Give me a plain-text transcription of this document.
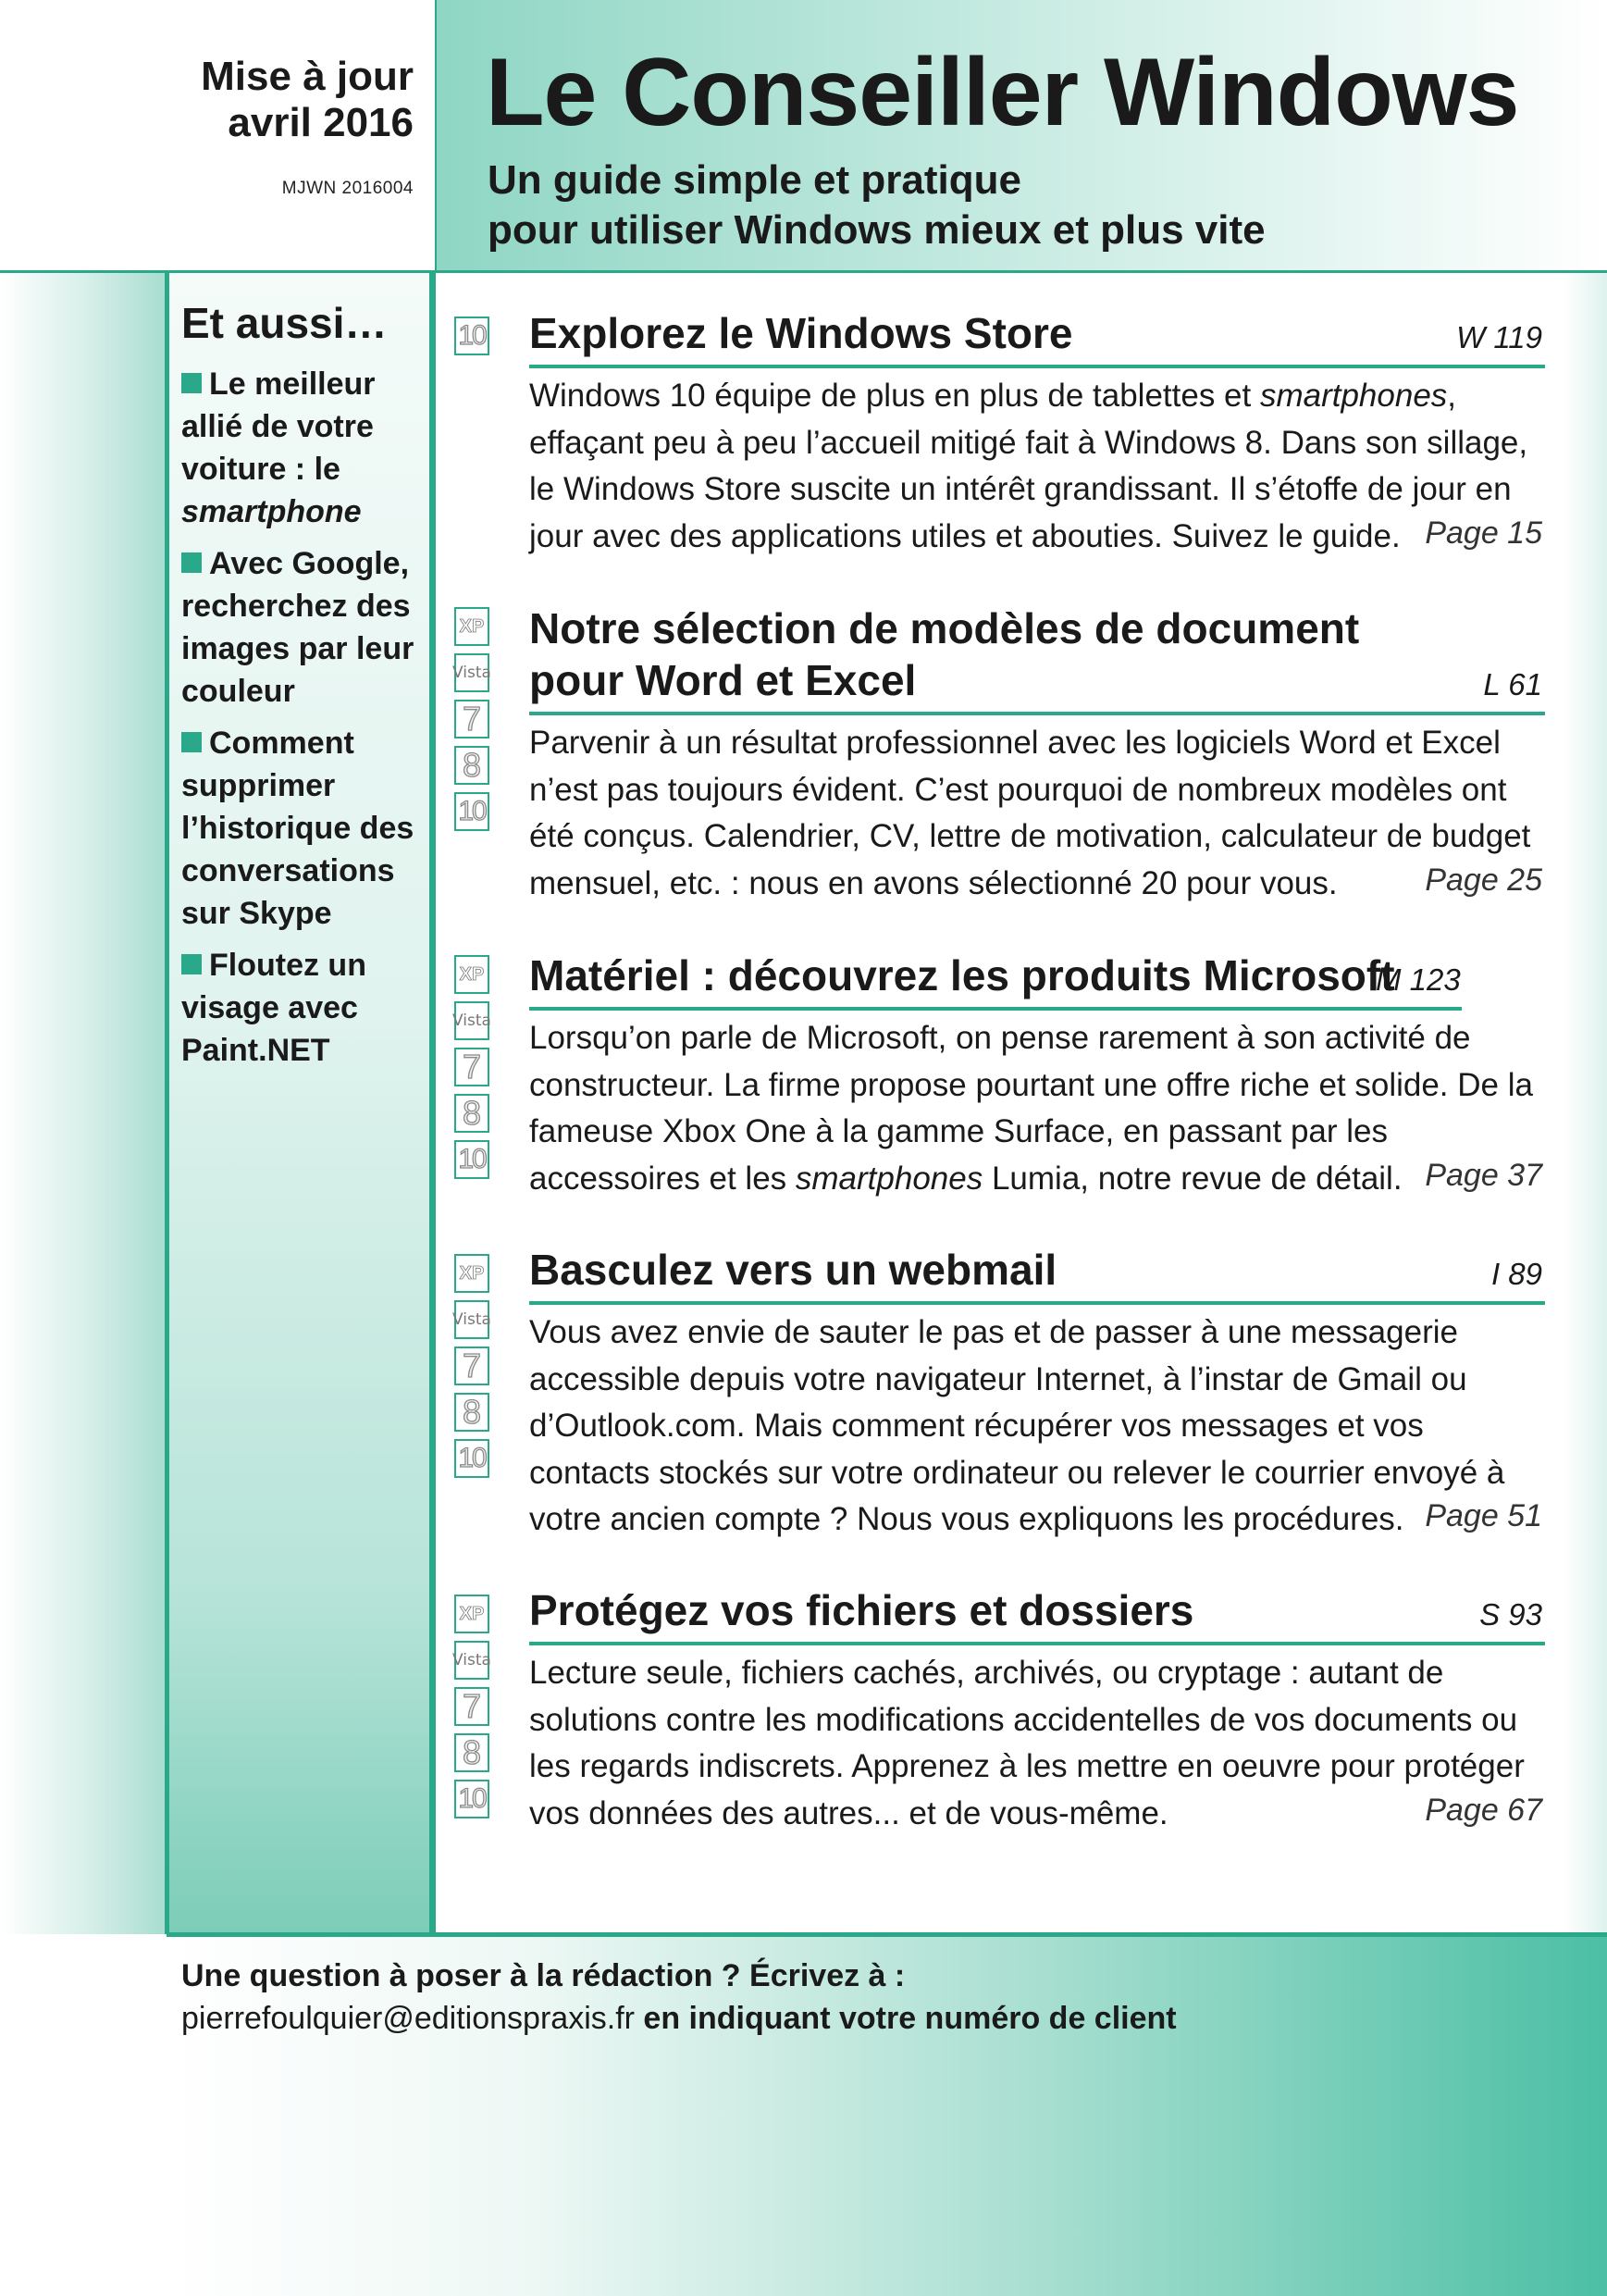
Mise à jour
avril 2016
MJWN 2016004
Le Conseiller Windows
Un guide simple et pratique
pour utiliser Windows mieux et plus vite
Et aussi…
Le meilleur allié de votre voiture : le smartphone
Avec Google, recherchez des images par leur couleur
Comment supprimer l’historique des conversations sur Skype
Floutez un visage avec Paint.NET
10 Explorez le Windows Store	W 119

Windows 10 équipe de plus en plus de tablettes et smartphones, effaçant peu à peu l’accueil mitigé fait à Windows 8. Dans son sillage, le Windows Store suscite un intérêt grandissant. Il s’étoffe de jour en jour avec des applications utiles et abouties. Suivez le guide. Page 15
XP
Vista
7
8
10
Notre sélection de modèles de document
pour Word et Excel	L 61

Parvenir à un résultat professionnel avec les logiciels Word et Excel n’est pas toujours évident. C’est pourquoi de nombreux modèles ont été conçus. Calendrier, CV, lettre de motivation, calculateur de budget mensuel, etc. : nous en avons sélectionné 20 pour vous.	Page 25
XP
Vista
7
8
10
Matériel : découvrez les produits Microsoft
M 123

Lorsqu’on parle de Microsoft, on pense rarement à son activité de constructeur. La firme propose pourtant une offre riche et solide. De la fameuse Xbox One à la gamme Surface, en passant par les accessoires et les smartphones Lumia, notre revue de détail. Page 37
XP
Vista
7
8
10
Basculez vers un webmail	I 89

Vous avez envie de sauter le pas et de passer à une messagerie accessible depuis votre navigateur Internet, à l’instar de Gmail ou d’Outlook.com. Mais comment récupérer vos messages et vos contacts stockés sur votre ordinateur ou relever le courrier envoyé à votre ancien compte ? Nous vous expliquons les procédures. Page 51
XP
Vista
7
8
10
Protégez vos fichiers et dossiers	S 93

Lecture seule, fichiers cachés, archivés, ou cryptage : autant de solutions contre les modifications accidentelles de vos documents ou les regards indiscrets. Apprenez à les mettre en oeuvre pour protéger vos données des autres... et de vous-même.	Page 67
Une question à poser à la rédaction ? Écrivez à :
pierrefoulquier@editionspraxis.fr en indiquant votre numéro de client
